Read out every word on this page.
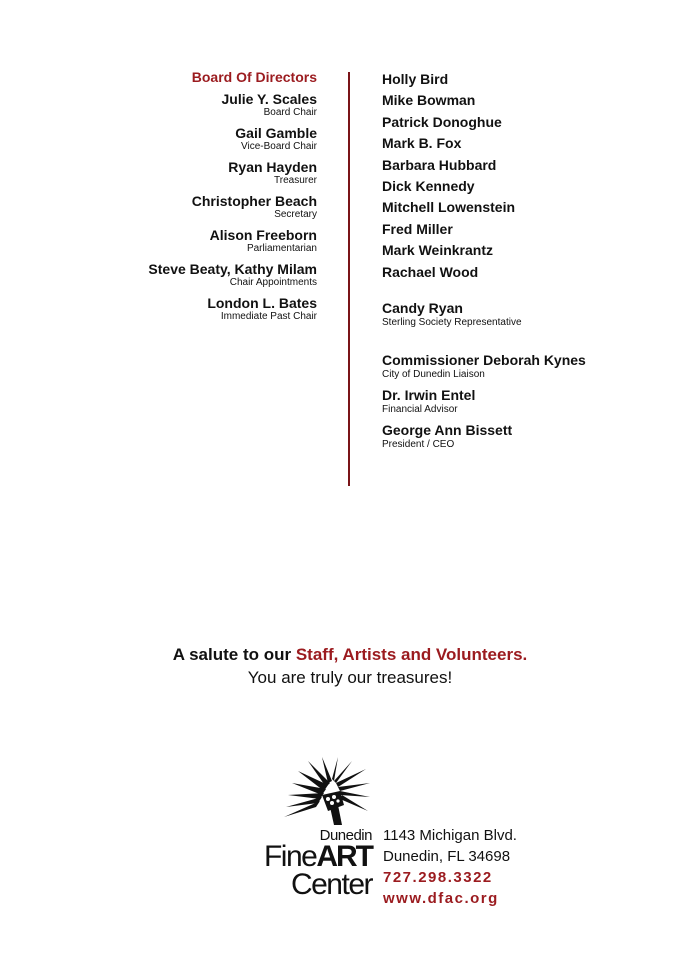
Board Of Directors
Julie Y. Scales
Board Chair
Gail Gamble
Vice-Board Chair
Ryan Hayden
Treasurer
Christopher Beach
Secretary
Alison Freeborn
Parliamentarian
Steve Beaty, Kathy Milam
Chair Appointments
London L. Bates
Immediate Past Chair
Holly Bird
Mike Bowman
Patrick Donoghue
Mark B. Fox
Barbara Hubbard
Dick Kennedy
Mitchell Lowenstein
Fred Miller
Mark Weinkrantz
Rachael Wood
Candy Ryan
Sterling Society Representative
Commissioner Deborah Kynes
City of Dunedin Liaison
Dr. Irwin Entel
Financial Advisor
George Ann Bissett
President / CEO
A salute to our Staff, Artists and Volunteers.
You are truly our treasures!
Dunedin
FineART
Center
1143 Michigan Blvd.
Dunedin, FL 34698
727.298.3322
www.dfac.org
